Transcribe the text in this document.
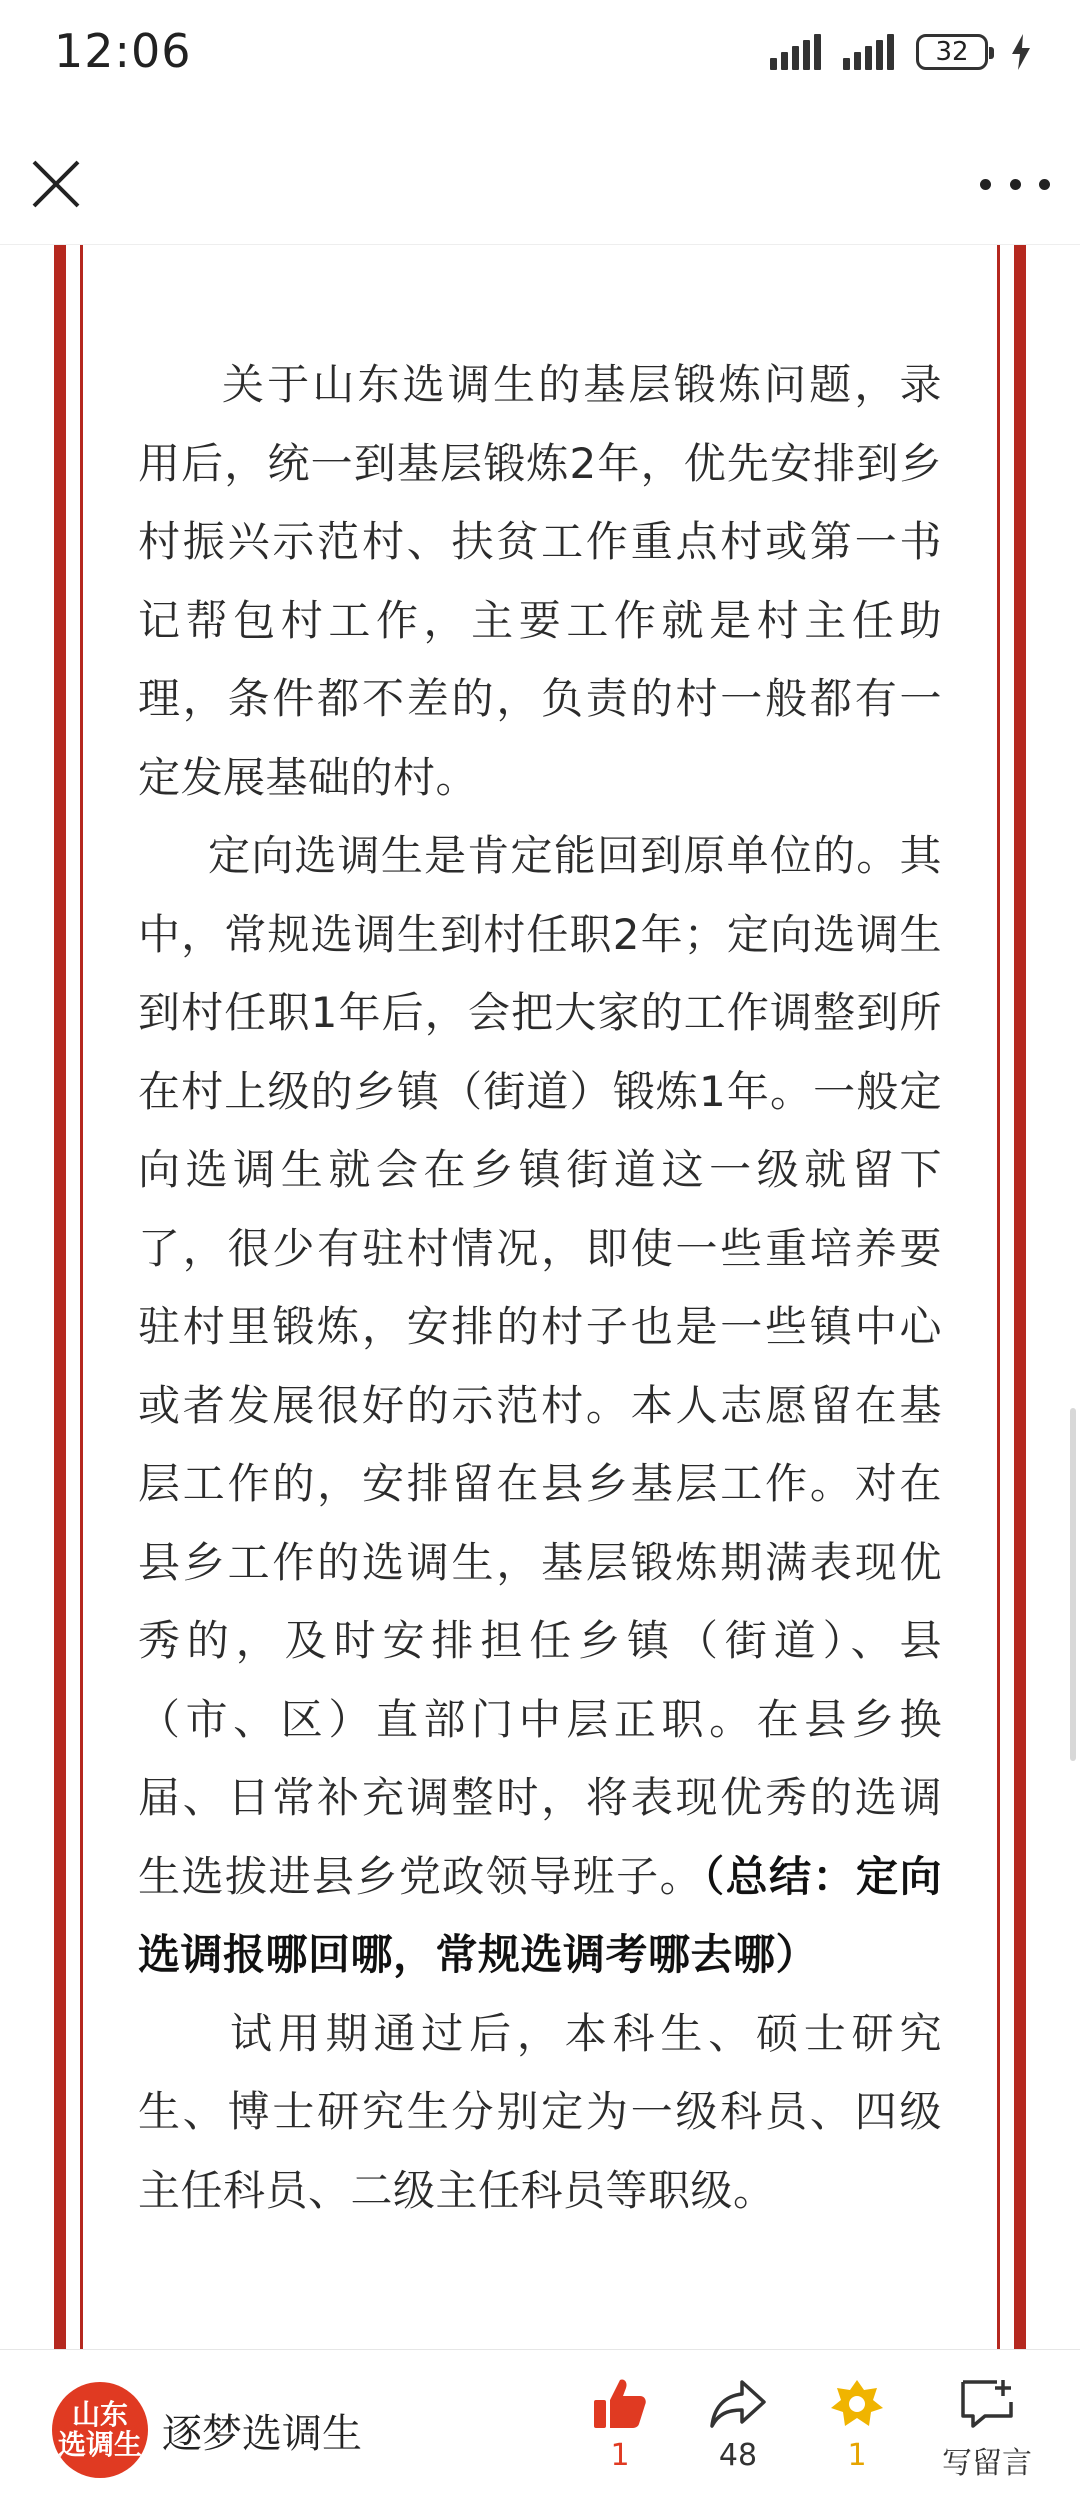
12:06	32

关于山东选调生的基层锻炼问题，录用后，统一到基层锻炼2年，优先安排到乡村振兴示范村、扶贫工作重点村或第一书记帮包村工作，主要工作就是村主任助理，条件都不差的，负责的村一般都有一定发展基础的村。

定向选调生是肯定能回到原单位的。其中，常规选调生到村任职2年；定向选调生到村任职1年后，会把大家的工作调整到所在村上级的乡镇（街道）锻炼1年。一般定向选调生就会在乡镇街道这一级就留下了，很少有驻村情况，即使一些重培养要驻村里锻炼，安排的村子也是一些镇中心或者发展很好的示范村。本人志愿留在基层工作的，安排留在县乡基层工作。对在县乡工作的选调生，基层锻炼期满表现优秀的，及时安排担任乡镇（街道）、县（市、区）直部门中层正职。在县乡换届、日常补充调整时，将表现优秀的选调生选拔进县乡党政领导班子。（总结：定向选调报哪回哪，常规选调考哪去哪）

试用期通过后，本科生、硕士研究生、博士研究生分别定为一级科员、四级主任科员、二级主任科员等职级。

山东
选调生 逐梦选调生	1	48	1	写留言
